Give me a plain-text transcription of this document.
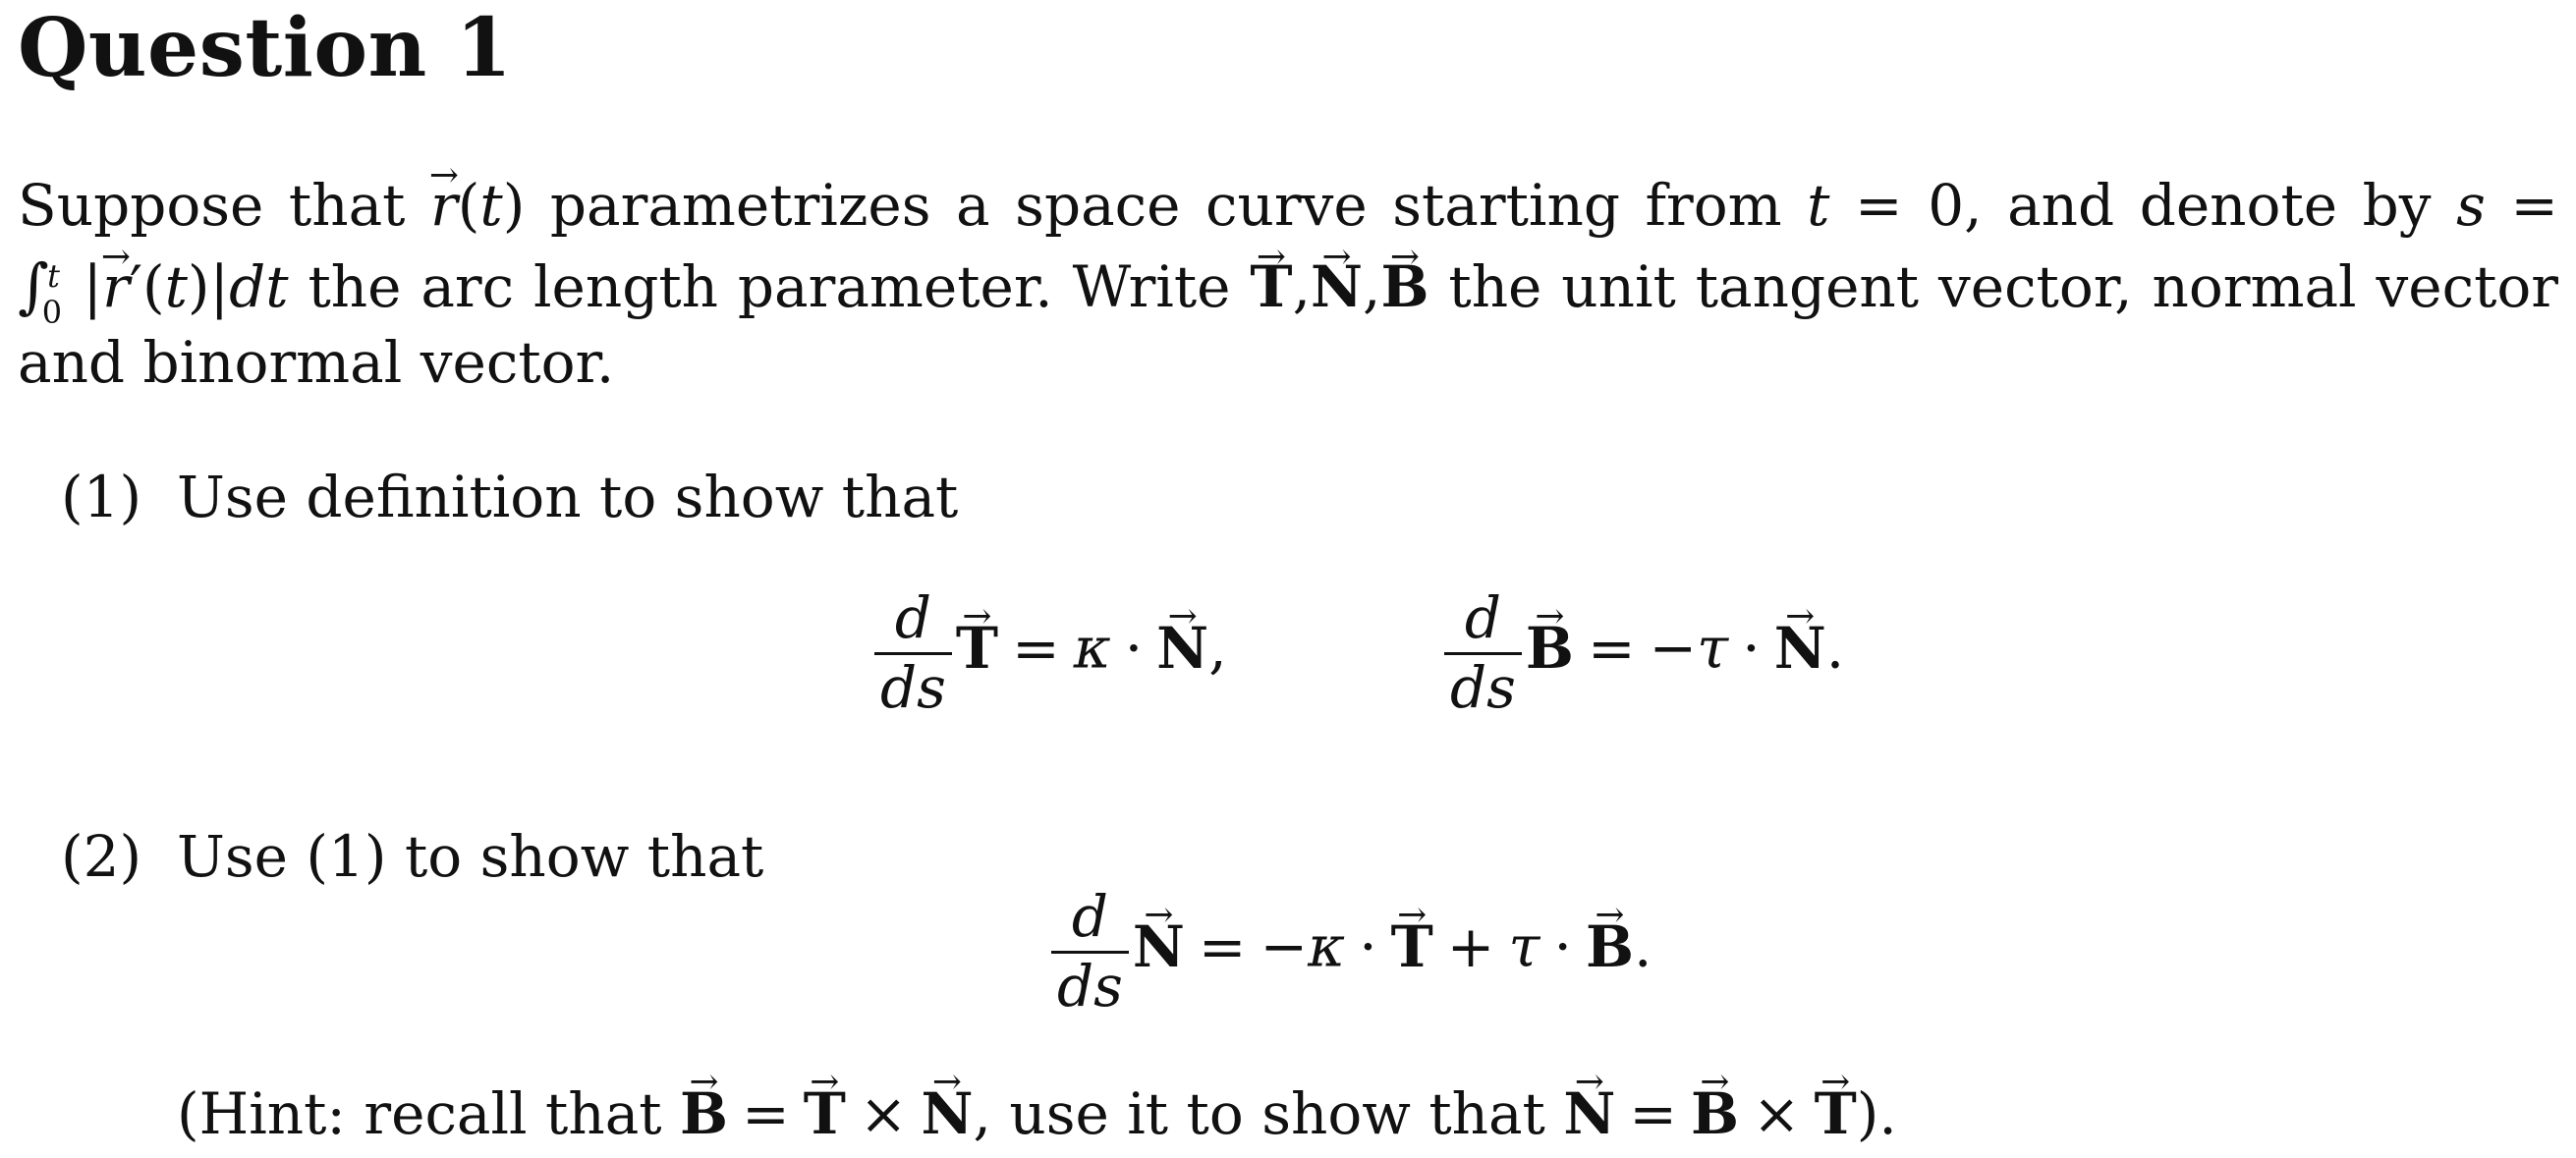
Question 1
Suppose that → r(t) parametrizes a space curve starting from t = 0, and denote by s =
∫
t
0 |→ r′(t)|dt the arc length parameter. Write → T,→ N,→ B the unit tangent vector, normal vector
and binormal vector.
(1) Use definition to show that
$\frac{d}{ds}$
→ T = κ ·→ N,	$\frac{d}{ds}$
→ B = −τ ·→ N.
(2) Use (1) to show that
$\frac{d}{ds}$
→ N = −κ ·→ T + τ ·→ B.
(Hint: recall that → B =→ T ×→ N, use it to show that → N =→ B ×→ T).
